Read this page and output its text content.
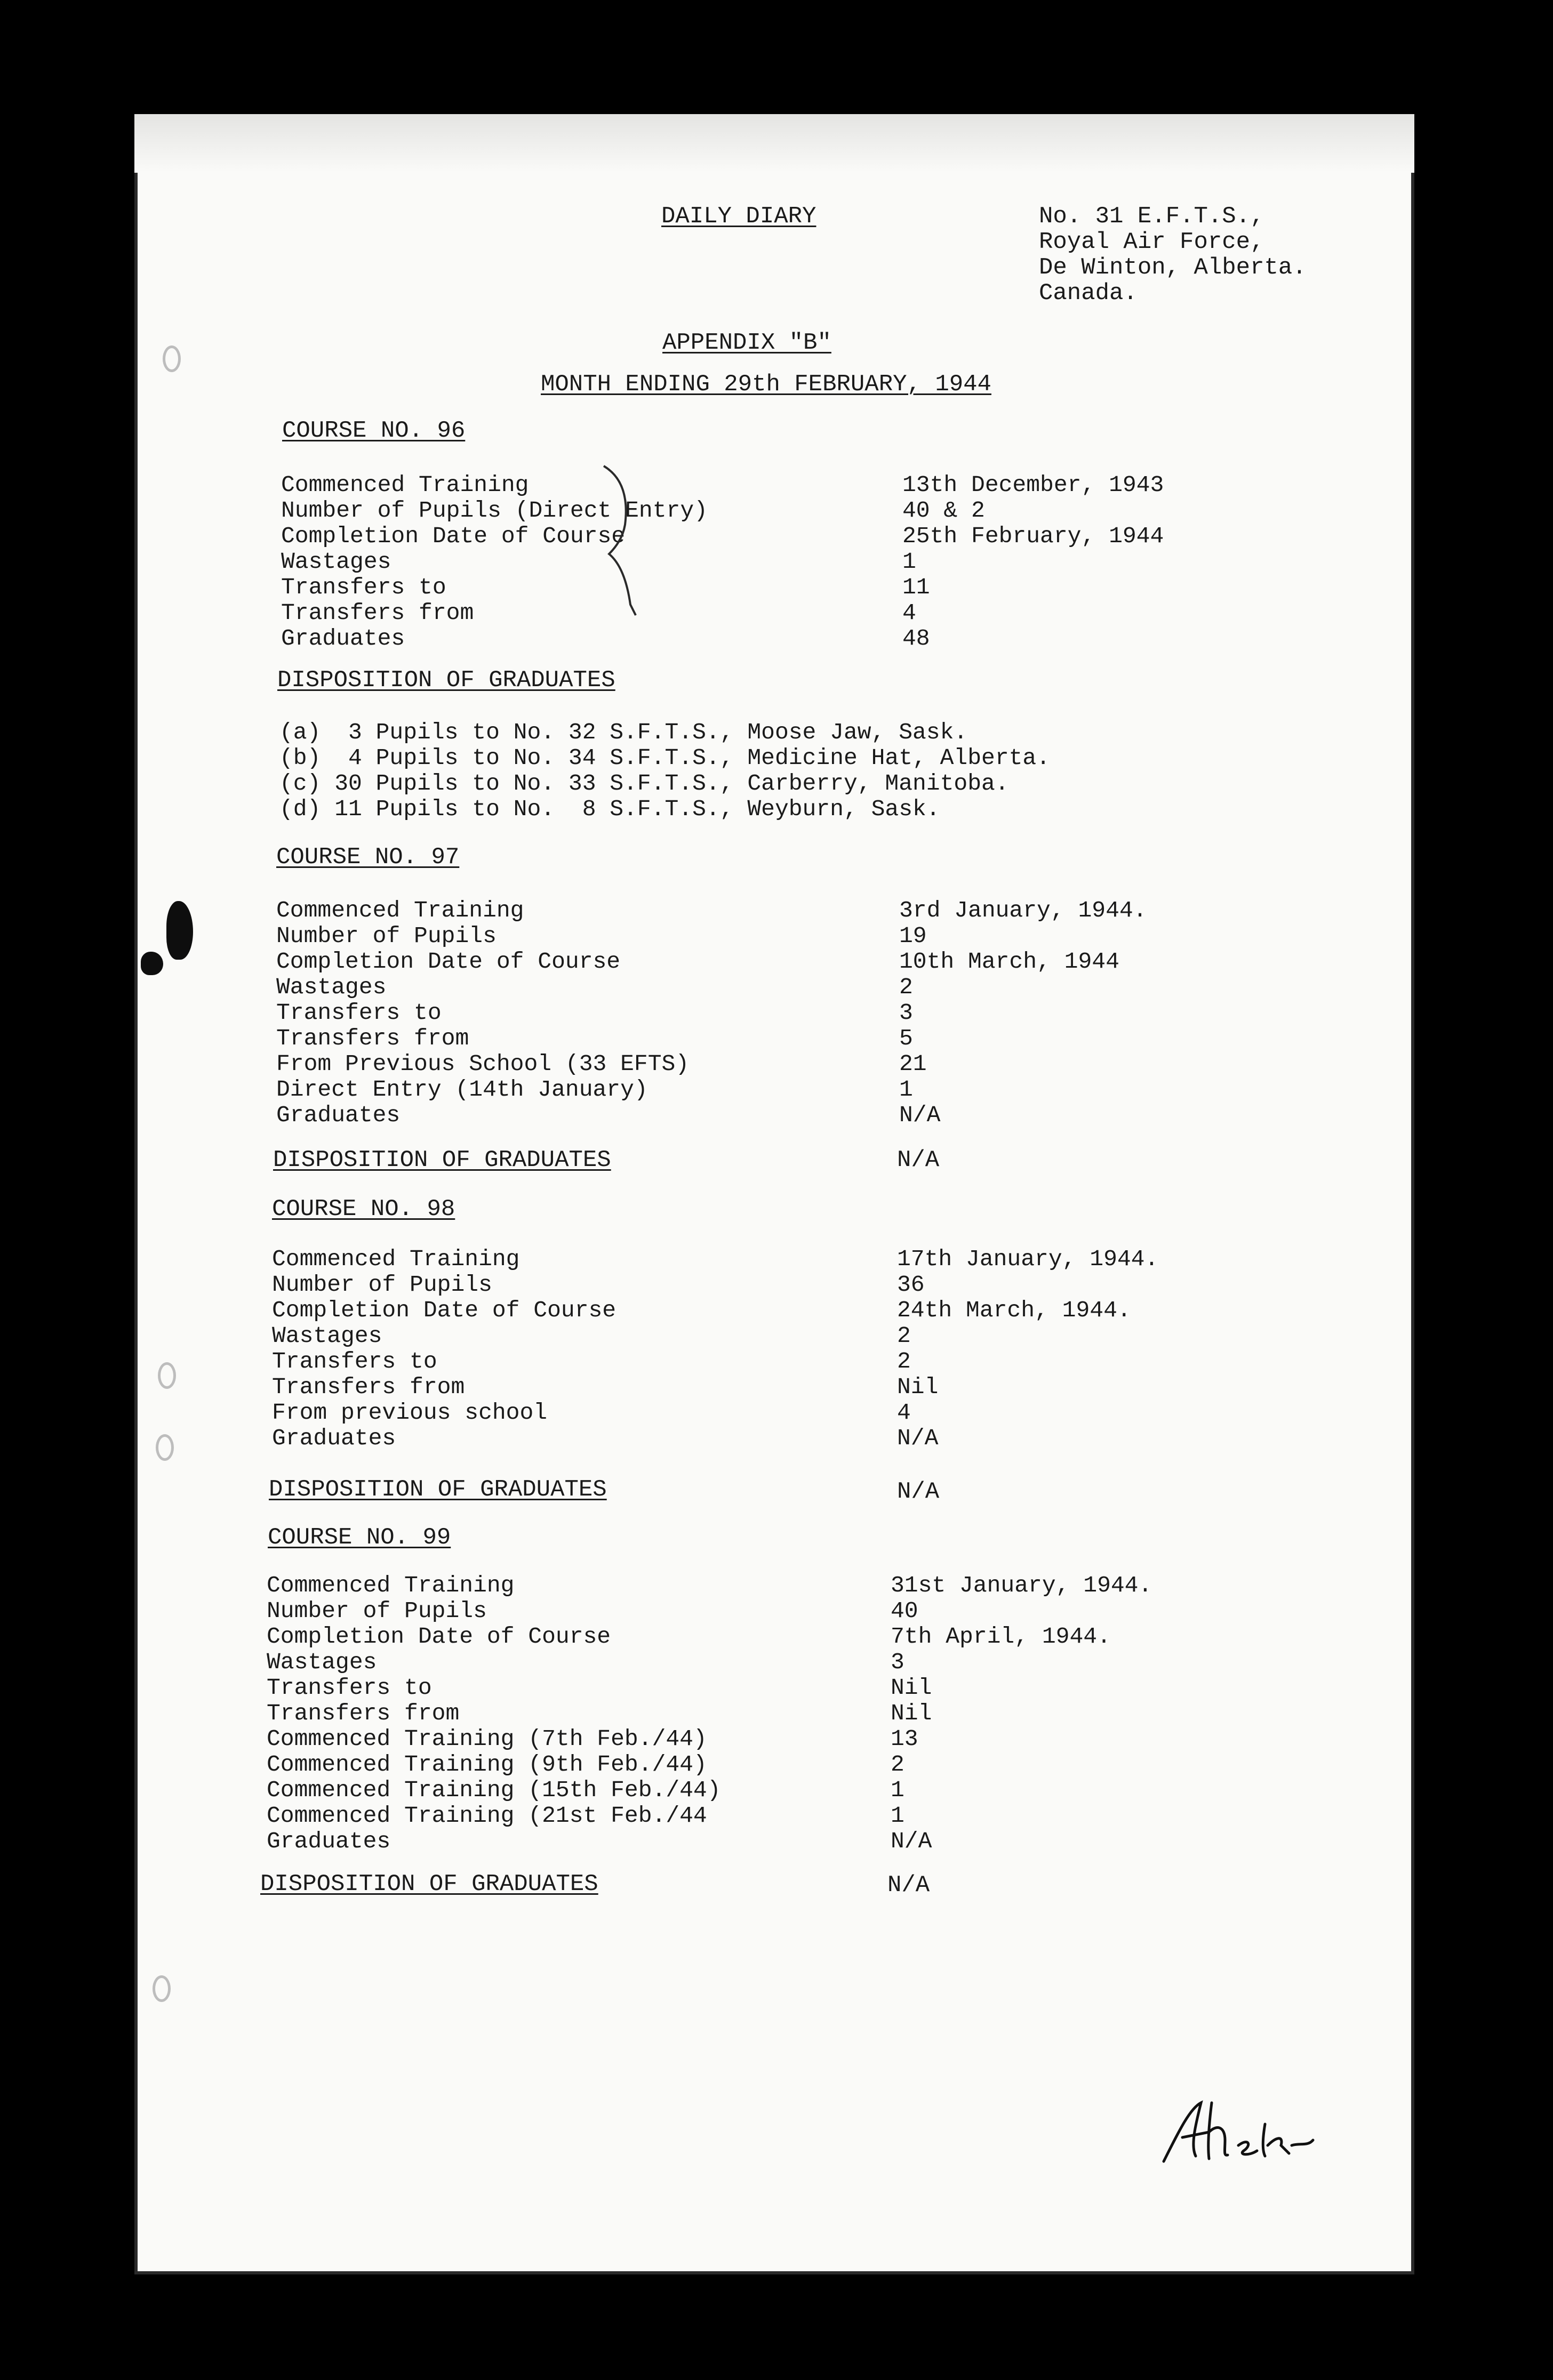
DAILY DIARY	No. 31 E.F.T.S.,
Royal Air Force,
De Winton, Alberta.
Canada.
APPENDIX "B"
MONTH ENDING 29th FEBRUARY, 1944
COURSE NO. 96
Commenced Training	13th December, 1943
Number of Pupils (Direct Entry)	40 & 2
Completion Date of Course	25th February, 1944
Wastages	1
Transfers to	11
Transfers from	4
Graduates	48
DISPOSITION OF GRADUATES
(a)  3 Pupils to No. 32 S.F.T.S., Moose Jaw, Sask.
(b)  4 Pupils to No. 34 S.F.T.S., Medicine Hat, Alberta.
(c) 30 Pupils to No. 33 S.F.T.S., Carberry, Manitoba.
(d) 11 Pupils to No.  8 S.F.T.S., Weyburn, Sask.
COURSE NO. 97
Commenced Training	3rd January, 1944.
Number of Pupils	19
Completion Date of Course	10th March, 1944
Wastages	2
Transfers to	3
Transfers from	5
From Previous School (33 EFTS)	21
Direct Entry (14th January)	1
Graduates	N/A
DISPOSITION OF GRADUATES	N/A
COURSE NO. 98
Commenced Training	17th January, 1944.
Number of Pupils	36
Completion Date of Course	24th March, 1944.
Wastages	2
Transfers to	2
Transfers from	Nil
From previous school	4
Graduates	N/A
DISPOSITION OF GRADUATES	N/A
COURSE NO. 99
Commenced Training	31st January, 1944.
Number of Pupils	40
Completion Date of Course	7th April, 1944.
Wastages	3
Transfers to	Nil
Transfers from	Nil
Commenced Training (7th Feb./44)	13
Commenced Training (9th Feb./44)	2
Commenced Training (15th Feb./44)	1
Commenced Training (21st Feb./44	1
Graduates	N/A
DISPOSITION OF GRADUATES	N/A
